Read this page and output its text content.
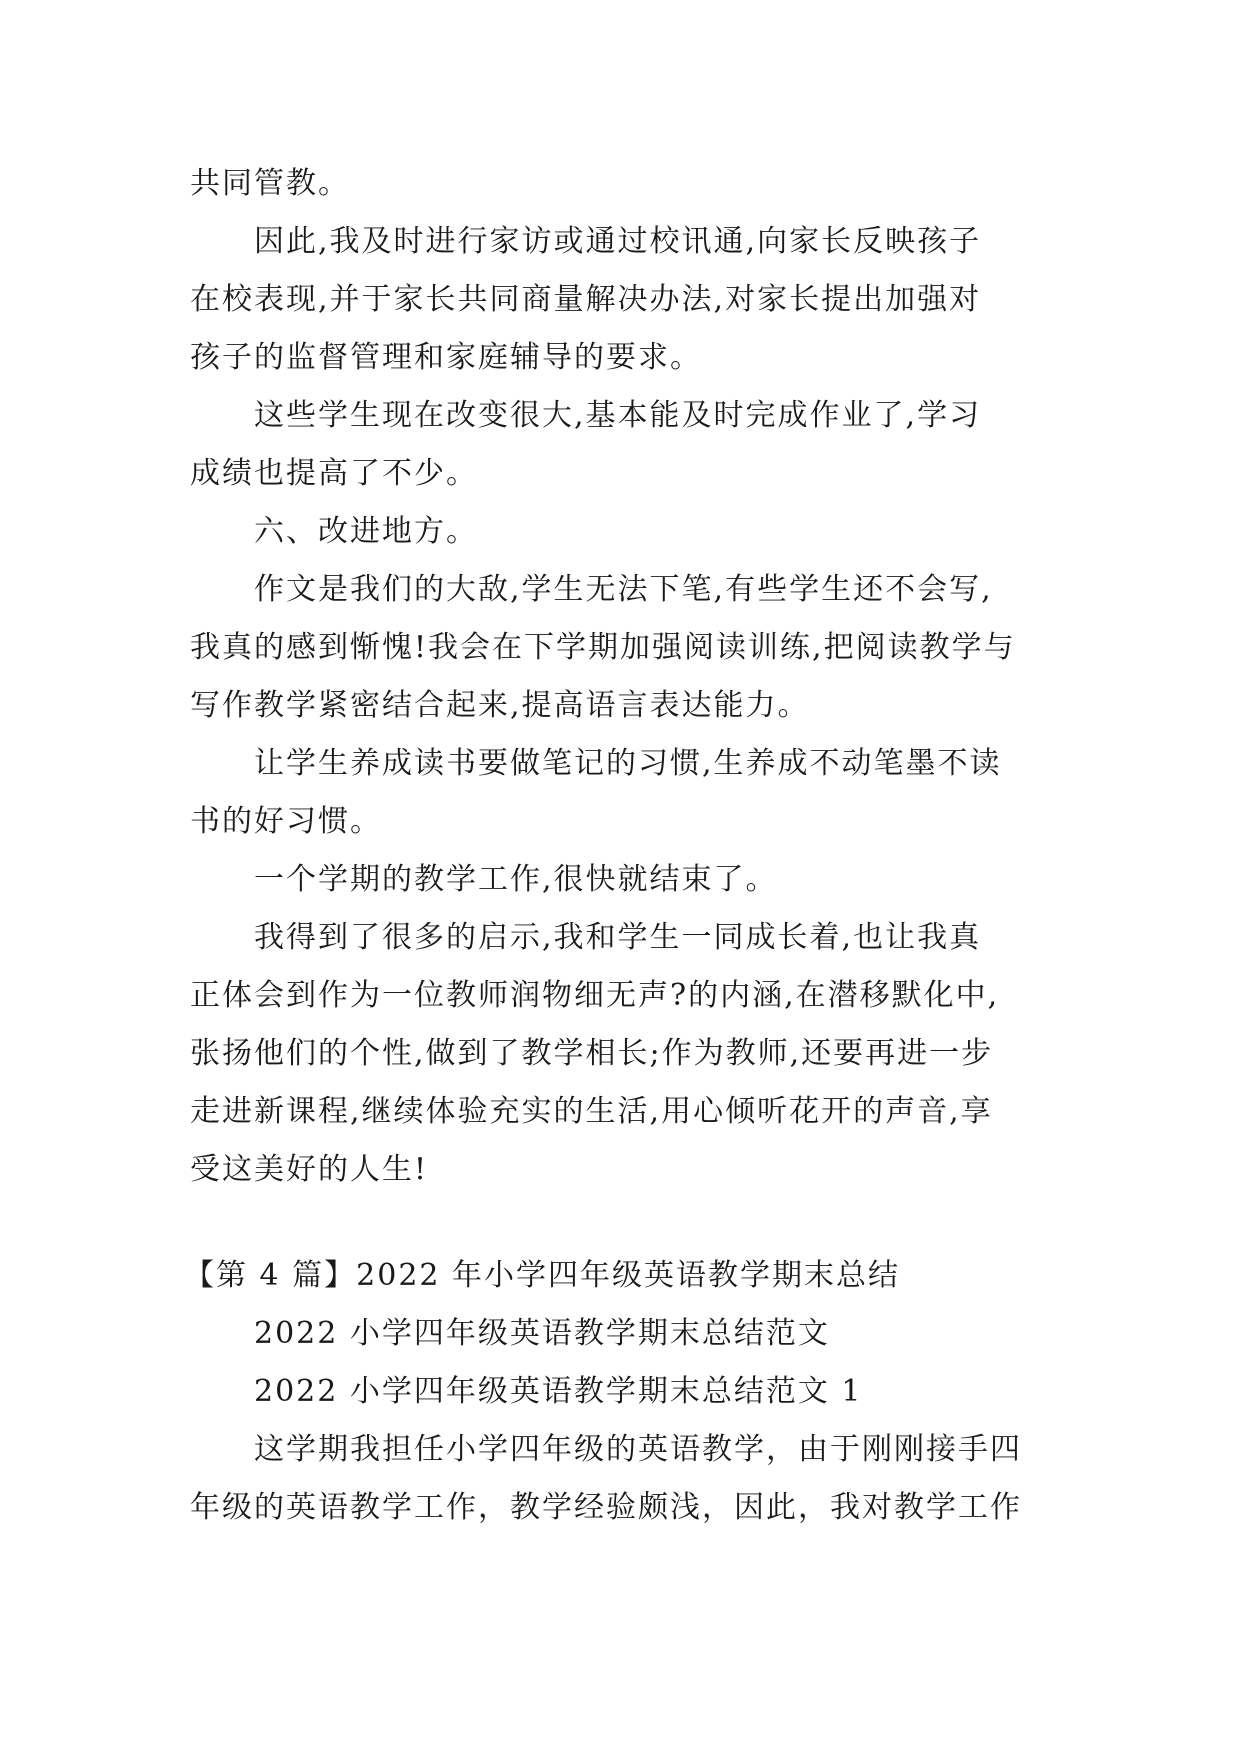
共同管教。

因此,我及时进行家访或通过校讯通,向家长反映孩子
在校表现,并于家长共同商量解决办法,对家长提出加强对
孩子的监督管理和家庭辅导的要求。

这些学生现在改变很大,基本能及时完成作业了,学习
成绩也提高了不少。

六、改进地方。

作文是我们的大敌,学生无法下笔,有些学生还不会写,
我真的感到惭愧!我会在下学期加强阅读训练,把阅读教学与
写作教学紧密结合起来,提高语言表达能力。

让学生养成读书要做笔记的习惯,生养成不动笔墨不读
书的好习惯。

一个学期的教学工作,很快就结束了。

我得到了很多的启示,我和学生一同成长着,也让我真
正体会到作为一位教师润物细无声?的内涵,在潜移默化中,
张扬他们的个性,做到了教学相长;作为教师,还要再进一步
走进新课程,继续体验充实的生活,用心倾听花开的声音,享
受这美好的人生!

【第 4 篇】2022 年小学四年级英语教学期末总结

2022 小学四年级英语教学期末总结范文

2022 小学四年级英语教学期末总结范文 1

这学期我担任小学四年级的英语教学，由于刚刚接手四
年级的英语教学工作，教学经验颇浅，因此，我对教学工作
